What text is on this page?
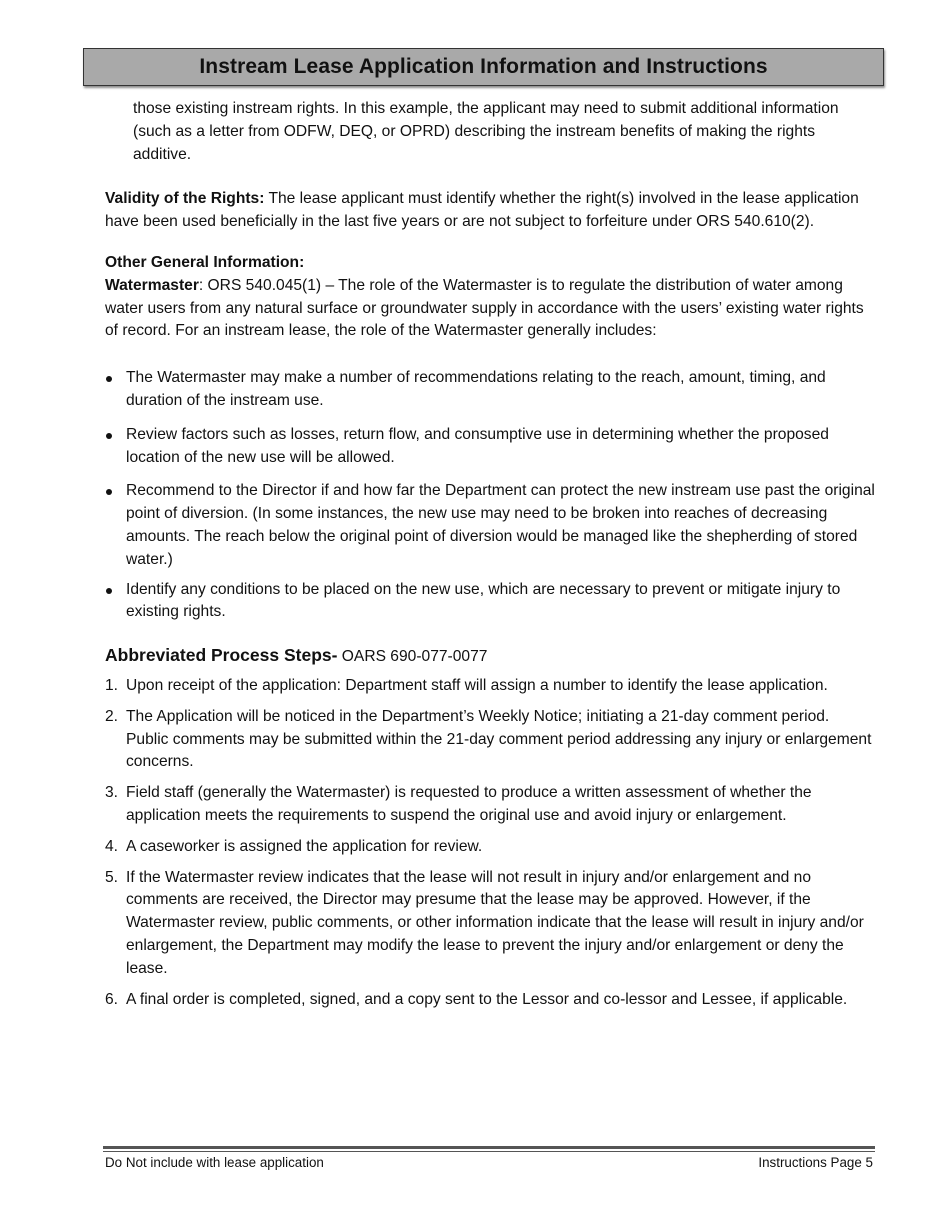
Instream Lease Application Information and Instructions

those existing instream rights. In this example, the applicant may need to submit additional information (such as a letter from ODFW, DEQ, or OPRD) describing the instream benefits of making the rights additive.

Validity of the Rights: The lease applicant must identify whether the right(s) involved in the lease application have been used beneficially in the last five years or are not subject to forfeiture under ORS 540.610(2).

Other General Information:

Watermaster: ORS 540.045(1) – The role of the Watermaster is to regulate the distribution of water among water users from any natural surface or groundwater supply in accordance with the users’ existing water rights of record. For an instream lease, the role of the Watermaster generally includes:

The Watermaster may make a number of recommendations relating to the reach, amount, timing, and duration of the instream use.
Review factors such as losses, return flow, and consumptive use in determining whether the proposed location of the new use will be allowed.
Recommend to the Director if and how far the Department can protect the new instream use past the original point of diversion. (In some instances, the new use may need to be broken into reaches of decreasing amounts. The reach below the original point of diversion would be managed like the shepherding of stored water.)
Identify any conditions to be placed on the new use, which are necessary to prevent or mitigate injury to existing rights.

Abbreviated Process Steps- OARS 690-077-0077

1. Upon receipt of the application: Department staff will assign a number to identify the lease application.
2. The Application will be noticed in the Department’s Weekly Notice; initiating a 21-day comment period. Public comments may be submitted within the 21-day comment period addressing any injury or enlargement concerns.
3. Field staff (generally the Watermaster) is requested to produce a written assessment of whether the application meets the requirements to suspend the original use and avoid injury or enlargement.
4. A caseworker is assigned the application for review.
5. If the Watermaster review indicates that the lease will not result in injury and/or enlargement and no comments are received, the Director may presume that the lease may be approved. However, if the Watermaster review, public comments, or other information indicate that the lease will result in injury and/or enlargement, the Department may modify the lease to prevent the injury and/or enlargement or deny the lease.
6. A final order is completed, signed, and a copy sent to the Lessor and co-lessor and Lessee, if applicable.
Do Not include with lease application	Instructions Page 5
